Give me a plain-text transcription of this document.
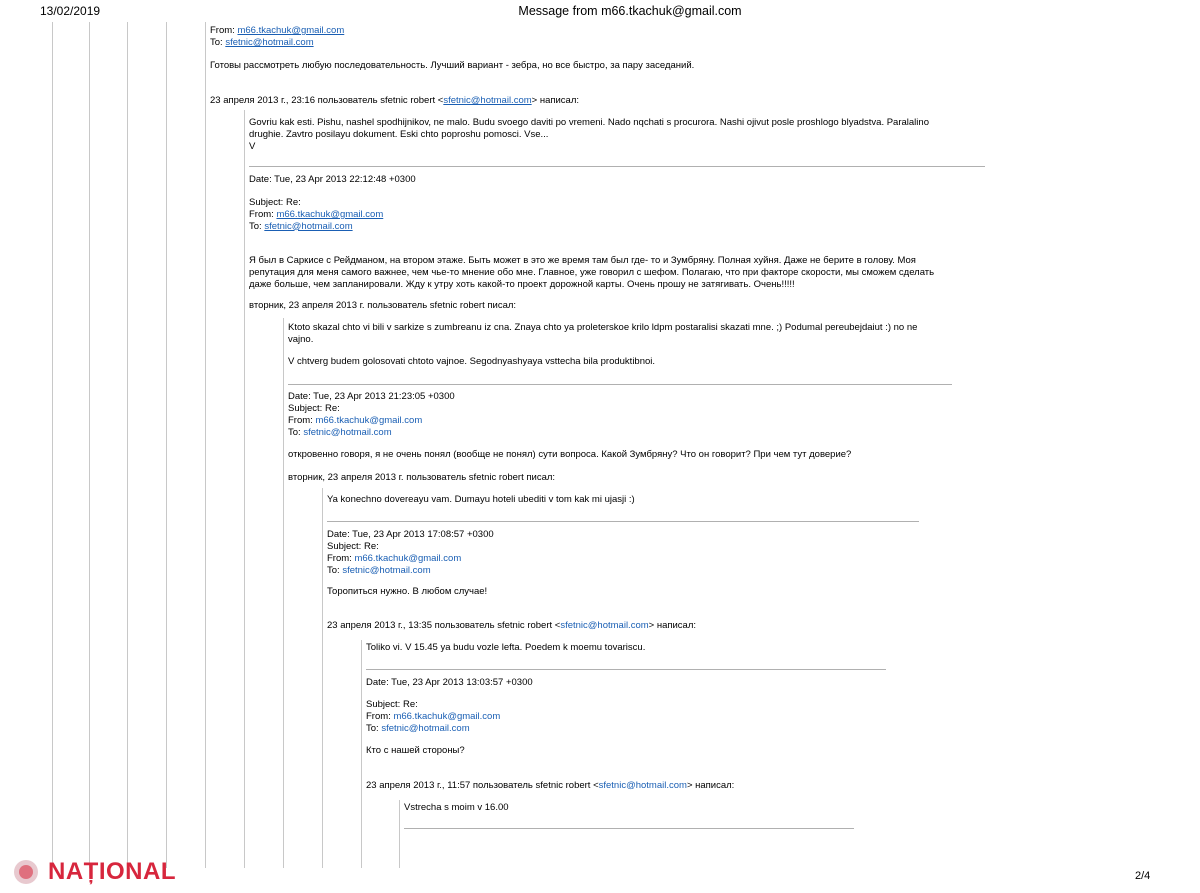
13/02/2019	Message from m66.tkachuk@gmail.com

From: m66.tkachuk@gmail.com

To: sfetnic@hotmail.com

Готовы рассмотреть любую последовательность. Лучший вариант - зебра, но все быстро, за пару заседаний.

23 апреля 2013 г., 23:16 пользователь sfetnic robert <sfetnic@hotmail.com> написал:

Govriu kak esti. Pishu, nashel spodhijnikov, ne malo. Budu svoego daviti po vremeni. Nado nqchati s procurora. Nashi ojivut posle proshlogo blyadstva. Paralalino

drughie. Zavtro posilayu dokument. Eski chto poproshu pomosci. Vse...

V

Date: Tue, 23 Apr 2013 22:12:48 +0300

Subject: Re:

From: m66.tkachuk@gmail.com

To: sfetnic@hotmail.com

Я был в Саркисе с Рейдманом, на втором этаже. Быть может в это же время там был где- то и Зумбряну. Полная хуйня. Даже не берите в голову. Моя

репутация для меня самого важнее, чем чье-то мнение обо мне. Главное, уже говорил с шефом. Полагаю, что при факторе скорости, мы сможем сделать

даже больше, чем запланировали. Жду к утру хоть какой-то проект дорожной карты. Очень прошу не затягивать. Очень!!!!!

вторник, 23 апреля 2013 г. пользователь sfetnic robert писал:

Ktoto skazal chto vi bili v sarkize s zumbreanu iz cna. Znaya chto ya proleterskoe krilo ldpm postaralisi skazati mne. ;) Podumal pereubejdaiut :) no ne

vajno.

V chtverg budem golosovati chtoto vajnoe. Segodnyashyaya vsttecha bila produktibnoi.

Date: Tue, 23 Apr 2013 21:23:05 +0300

Subject: Re:

From: m66.tkachuk@gmail.com

To: sfetnic@hotmail.com

откровенно говоря, я не очень понял (вообще не понял) сути вопроса. Какой Зумбряну? Что он говорит? При чем тут доверие?

вторник, 23 апреля 2013 г. пользователь sfetnic robert писал:

Ya konechno dovereayu vam. Dumayu hoteli ubediti v tom kak mi ujasji :)

Date: Tue, 23 Apr 2013 17:08:57 +0300

Subject: Re:

From: m66.tkachuk@gmail.com

To: sfetnic@hotmail.com

Торопиться нужно. В любом случае!

23 апреля 2013 г., 13:35 пользователь sfetnic robert <sfetnic@hotmail.com> написал:

Toliko vi. V 15.45 ya budu vozle lefta. Poedem k moemu tovariscu.

Date: Tue, 23 Apr 2013 13:03:57 +0300

Subject: Re:

From: m66.tkachuk@gmail.com

To: sfetnic@hotmail.com

Кто с нашей стороны?

23 апреля 2013 г., 11:57 пользователь sfetnic robert <sfetnic@hotmail.com> написал:

Vstrecha s moim v 16.00

NAȚIONAL	2/4
